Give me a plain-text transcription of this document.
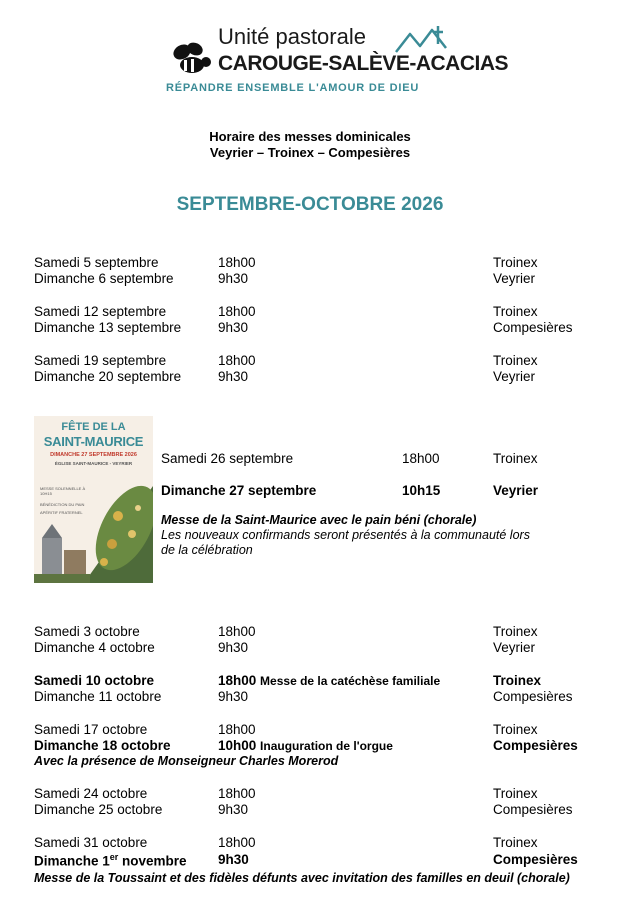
Unité pastorale
CAROUGE-SALÈVE-ACACIAS
RÉPANDRE ENSEMBLE L'AMOUR DE DIEU
Horaire des messes dominicales
Veyrier – Troinex – Compesières
SEPTEMBRE-OCTOBRE 2026
Samedi 5 septembre	18h00	Troinex
Dimanche 6 septembre	9h30	Veyrier
Samedi 12 septembre	18h00	Troinex
Dimanche 13 septembre	9h30	Compesières
Samedi 19 septembre	18h00	Troinex
Dimanche 20 septembre	9h30	Veyrier
FÊTE DE LA
SAINT-MAURICE
DIMANCHE 27 SEPTEMBRE 2026
ÉGLISE SAINT-MAURICE - VEYRIER
MESSE SOLENNELLE À 10H15
BÉNÉDICTION DU PAIN
APÉRITIF FRATERNEL
Samedi 26 septembre	18h00	Troinex
Dimanche 27 septembre	10h15	Veyrier
Messe de la Saint-Maurice avec le pain béni (chorale)
Les nouveaux confirmands seront présentés à la communauté lors
de la célébration
Samedi 3 octobre	18h00	Troinex
Dimanche 4 octobre	9h30	Veyrier
Samedi 10 octobre	18h00 Messe de la catéchèse familiale	Troinex
Dimanche 11 octobre	9h30	Compesières
Samedi 17 octobre	18h00	Troinex
Dimanche 18 octobre	10h00 Inauguration de l'orgue	Compesières
Avec la présence de Monseigneur Charles Morerod
Samedi 24 octobre	18h00	Troinex
Dimanche 25 octobre	9h30	Compesières
Samedi 31 octobre	18h00	Troinex
Dimanche 1er novembre 9h30	Compesières
Messe de la Toussaint et des fidèles défunts avec invitation des familles en deuil (chorale)
